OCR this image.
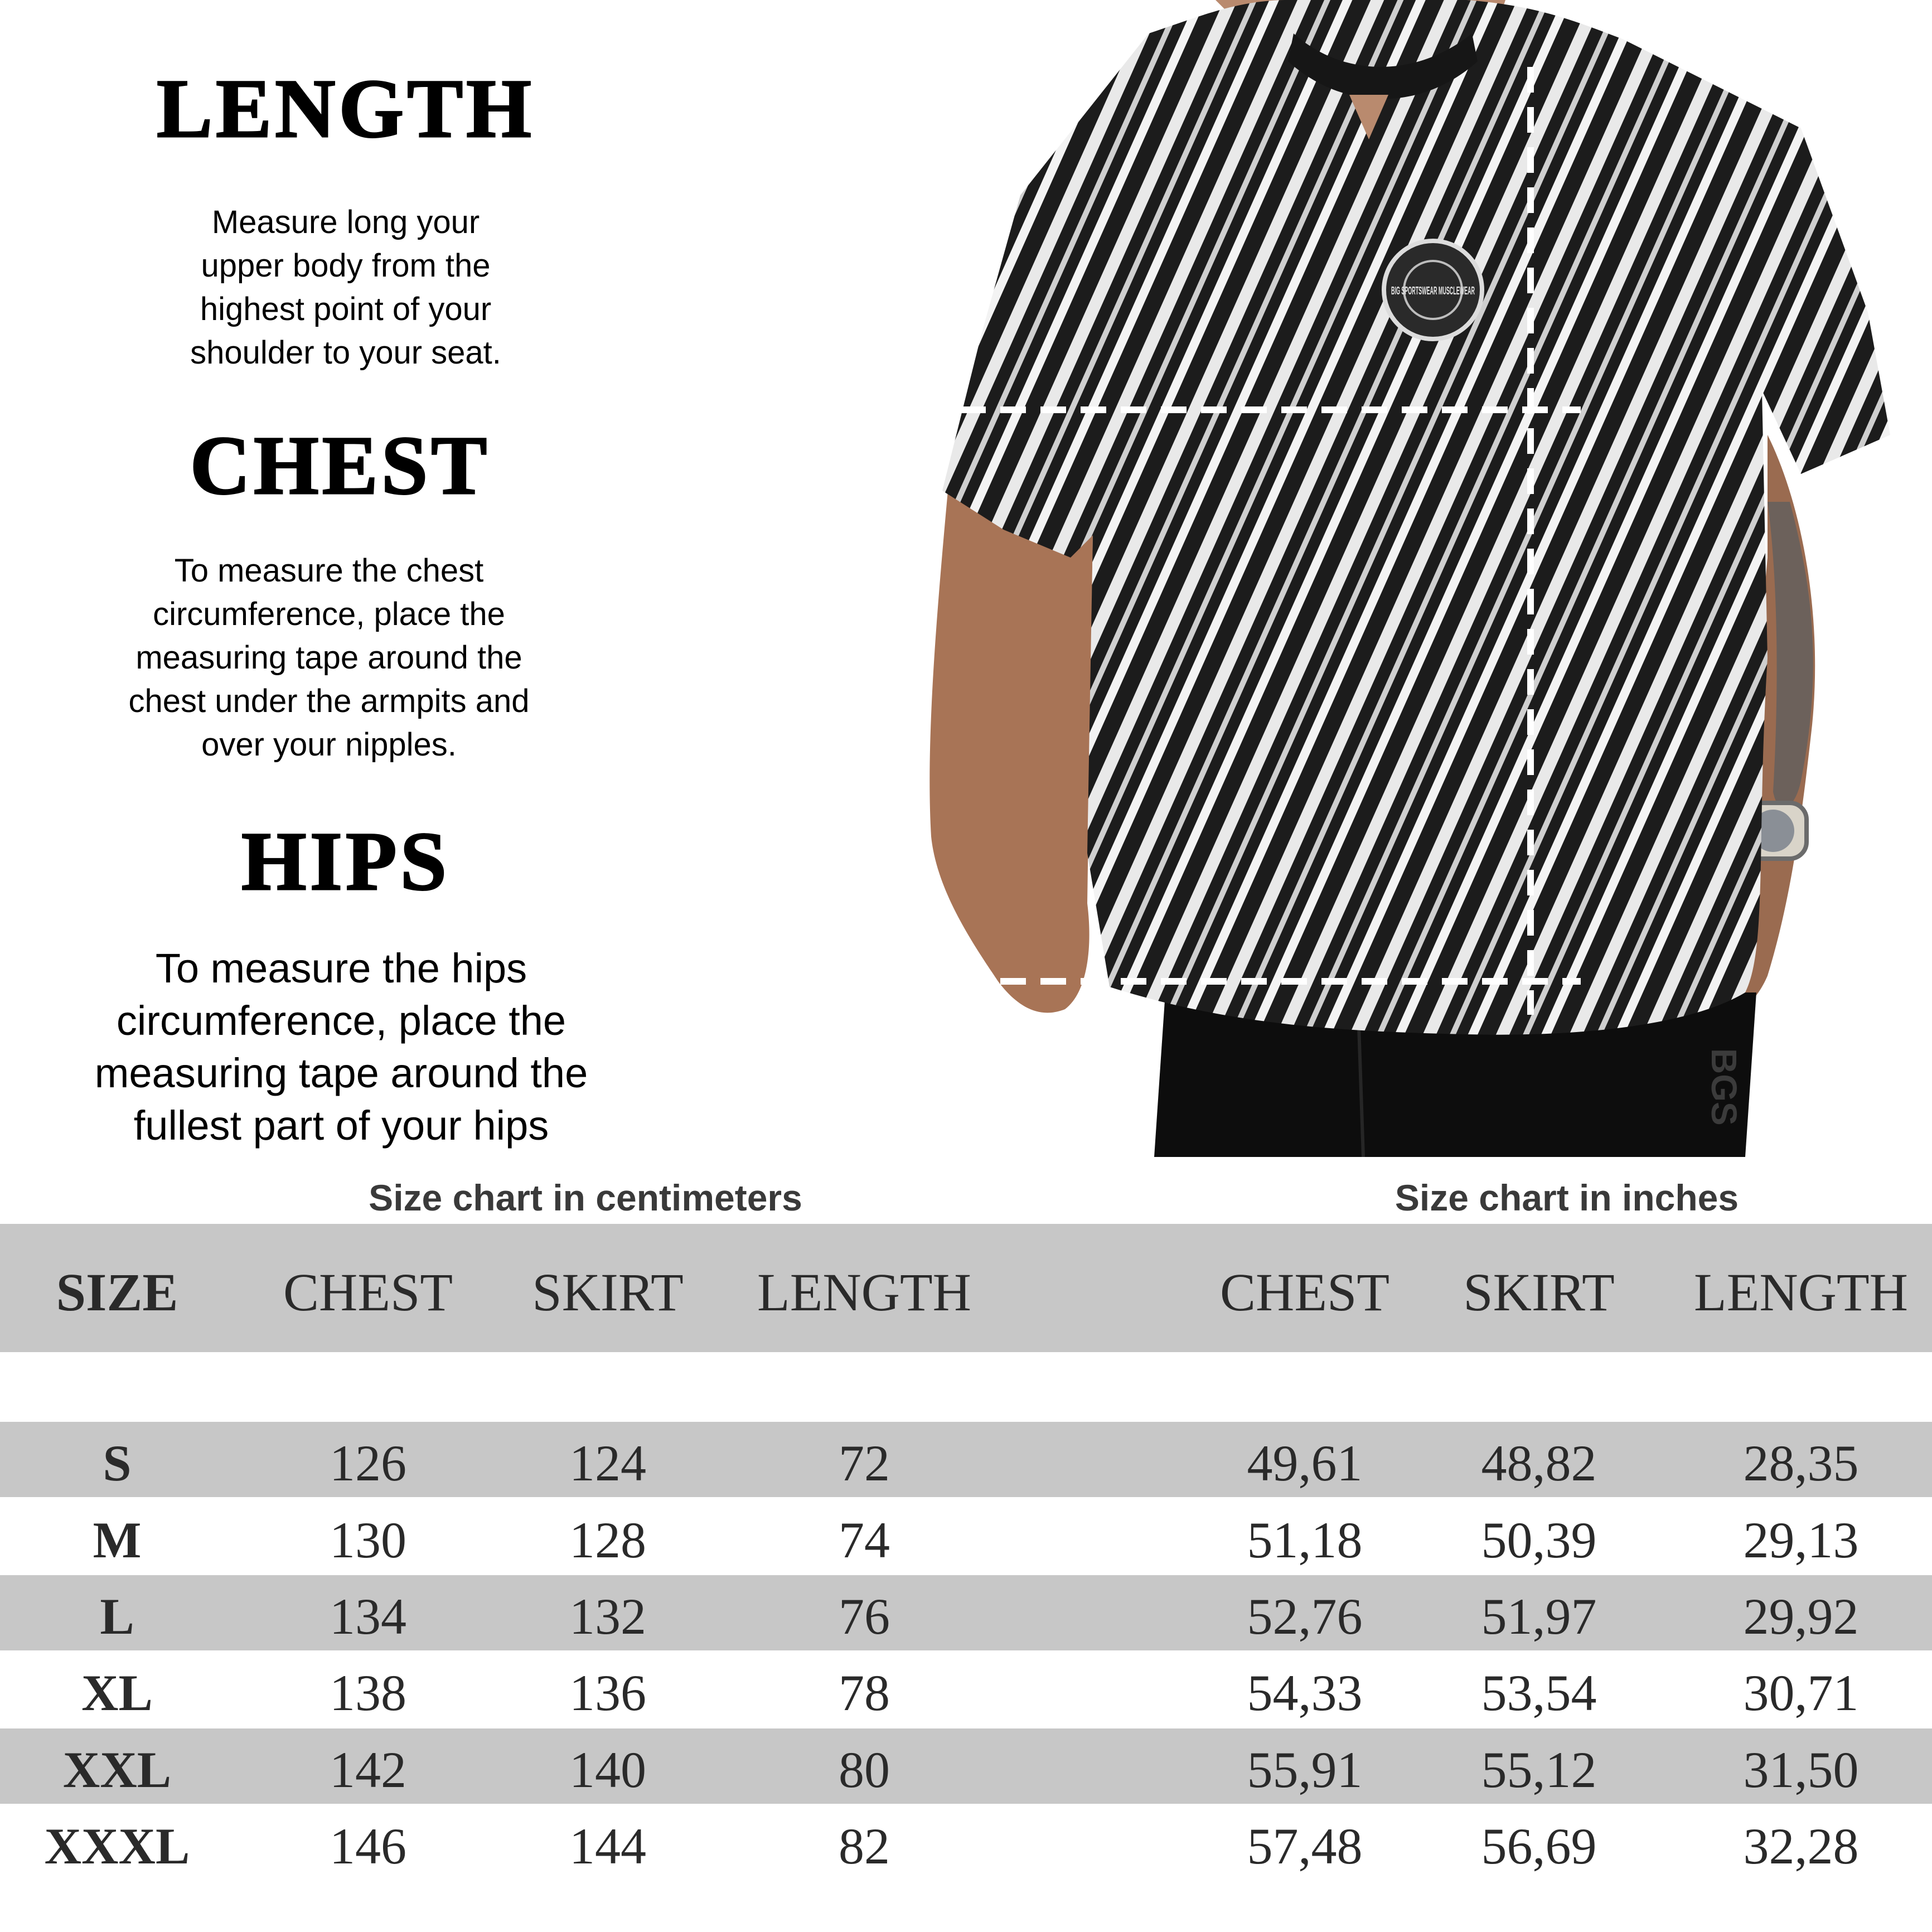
LENGTH
Measure long your
upper body from the
highest point of your
shoulder to your seat.
CHEST
To measure the chest
circumference, place the
measuring tape around the
chest under the armpits and
over your nipples.
HIPS
To measure the hips
circumference, place the
measuring tape around the
fullest part of your hips	BGS
BIG SPORTSWEAR MUSCLEWEAR
Size chart in centimeters	Size chart in inches
SIZE	CHEST	SKIRT	LENGTH	CHEST	SKIRT	LENGTH
S	126	124	72	49,61	48,82	28,35
M	130	128	74	51,18	50,39	29,13
L	134	132	76	52,76	51,97	29,92
XL	138	136	78	54,33	53,54	30,71
XXL	142	140	80	55,91	55,12	31,50
XXXL	146	144	82	57,48	56,69	32,28
